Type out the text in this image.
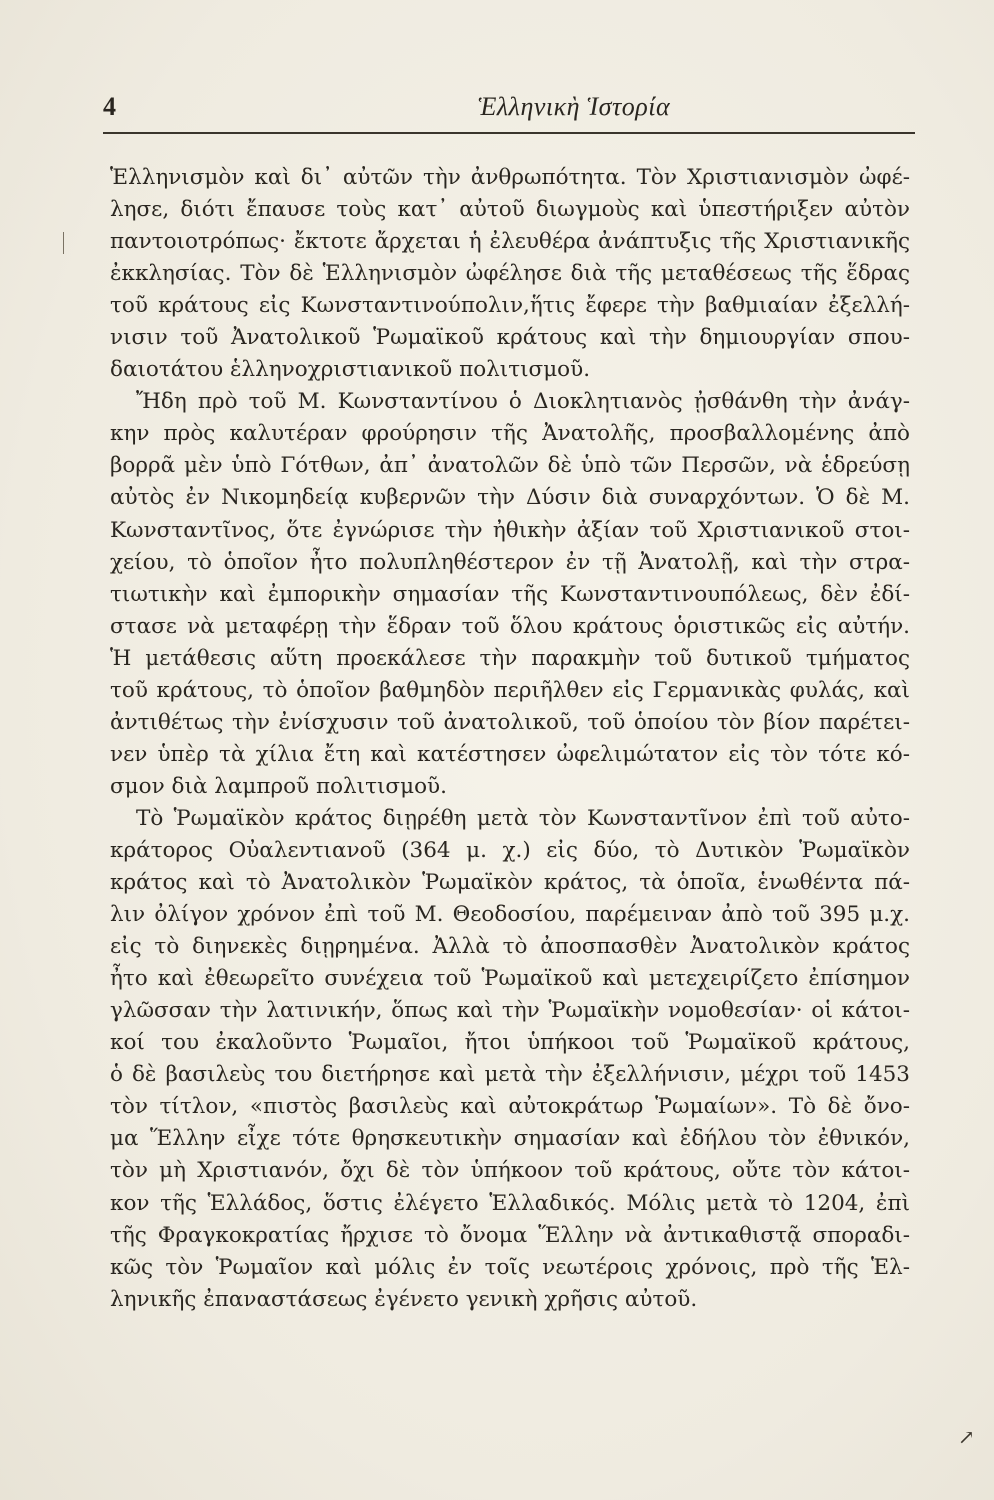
4	Ἑλληνικὴ Ἱστορία
Ἑλληνισμὸν καὶ δι᾿ αὐτῶν τὴν ἀνθρωπότητα. Τὸν Χριστιανισμὸν ὠφέ-
λησε, διότι ἔπαυσε τοὺς κατ᾿ αὐτοῦ διωγμοὺς καὶ ὑπεστήριξεν αὐτὸν
παντοιοτρόπως· ἔκτοτε ἄρχεται ἡ ἐλευθέρα ἀνάπτυξις τῆς Χριστιανικῆς
ἐκκλησίας. Τὸν δὲ Ἑλληνισμὸν ὠφέλησε διὰ τῆς μεταθέσεως τῆς ἕδρας
τοῦ κράτους εἰς Κωνσταντινούπολιν,ἥτις ἔφερε τὴν βαθμιαίαν ἐξελλή-
νισιν τοῦ Ἀνατολικοῦ Ῥωμαϊκοῦ κράτους καὶ τὴν δημιουργίαν σπου-
δαιοτάτου ἑλληνοχριστιανικοῦ πολιτισμοῦ.
Ἤδη πρὸ τοῦ Μ. Κωνσταντίνου ὁ Διοκλητιανὸς ᾐσθάνθη τὴν ἀνάγ-
κην πρὸς καλυτέραν φρούρησιν τῆς Ἀνατολῆς, προσβαλλομένης ἀπὸ
βορρᾶ μὲν ὑπὸ Γότθων, ἀπ᾿ ἀνατολῶν δὲ ὑπὸ τῶν Περσῶν, νὰ ἑδρεύσῃ
αὐτὸς ἐν Νικομηδείᾳ κυβερνῶν τὴν Δύσιν διὰ συναρχόντων. Ὁ δὲ Μ.
Κωνσταντῖνος, ὅτε ἐγνώρισε τὴν ἠθικὴν ἀξίαν τοῦ Χριστιανικοῦ στοι-
χείου, τὸ ὁποῖον ἦτο πολυπληθέστερον ἐν τῇ Ἀνατολῇ, καὶ τὴν στρα-
τιωτικὴν καὶ ἐμπορικὴν σημασίαν τῆς Κωνσταντινουπόλεως, δὲν ἐδί-
στασε νὰ μεταφέρῃ τὴν ἕδραν τοῦ ὅλου κράτους ὁριστικῶς εἰς αὐτήν.
Ἡ μετάθεσις αὕτη προεκάλεσε τὴν παρακμὴν τοῦ δυτικοῦ τμήματος
τοῦ κράτους, τὸ ὁποῖον βαθμηδὸν περιῆλθεν εἰς Γερμανικὰς φυλάς, καὶ
ἀντιθέτως τὴν ἐνίσχυσιν τοῦ ἀνατολικοῦ, τοῦ ὁποίου τὸν βίον παρέτει-
νεν ὑπὲρ τὰ χίλια ἔτη καὶ κατέστησεν ὠφελιμώτατον εἰς τὸν τότε κό-
σμον διὰ λαμπροῦ πολιτισμοῦ.
Τὸ Ῥωμαϊκὸν κράτος διῃρέθη μετὰ τὸν Κωνσταντῖνον ἐπὶ τοῦ αὐτο-
κράτορος Οὐαλεντιανοῦ (364 μ. χ.) εἰς δύο, τὸ Δυτικὸν Ῥωμαϊκὸν
κράτος καὶ τὸ Ἀνατολικὸν Ῥωμαϊκὸν κράτος, τὰ ὁποῖα, ἑνωθέντα πά-
λιν ὀλίγον χρόνον ἐπὶ τοῦ Μ. Θεοδοσίου, παρέμειναν ἀπὸ τοῦ 395 μ.χ.
εἰς τὸ διηνεκὲς διῃρημένα. Ἀλλὰ τὸ ἀποσπασθὲν Ἀνατολικὸν κράτος
ἦτο καὶ ἐθεωρεῖτο συνέχεια τοῦ Ῥωμαϊκοῦ καὶ μετεχειρίζετο ἐπίσημον
γλῶσσαν τὴν λατινικήν, ὅπως καὶ τὴν Ῥωμαϊκὴν νομοθεσίαν· οἱ κάτοι-
κοί του ἐκαλοῦντο Ῥωμαῖοι, ἤτοι ὑπήκοοι τοῦ Ῥωμαϊκοῦ κράτους,
ὁ δὲ βασιλεὺς του διετήρησε καὶ μετὰ τὴν ἐξελλήνισιν, μέχρι τοῦ 1453
τὸν τίτλον, «πιστὸς βασιλεὺς καὶ αὐτοκράτωρ Ῥωμαίων». Τὸ δὲ ὄνο-
μα Ἕλλην εἶχε τότε θρησκευτικὴν σημασίαν καὶ ἐδήλου τὸν ἐθνικόν,
τὸν μὴ Χριστιανόν, ὄχι δὲ τὸν ὑπήκοον τοῦ κράτους, οὔτε τὸν κάτοι-
κον τῆς Ἑλλάδος, ὅστις ἐλέγετο Ἑλλαδικός. Μόλις μετὰ τὸ 1204, ἐπὶ
τῆς Φραγκοκρατίας ἤρχισε τὸ ὄνομα Ἕλλην νὰ ἀντικαθιστᾷ σποραδι-
κῶς τὸν Ῥωμαῖον καὶ μόλις ἐν τοῖς νεωτέροις χρόνοις, πρὸ τῆς Ἑλ-
ληνικῆς ἐπαναστάσεως ἐγένετο γενικὴ χρῆσις αὐτοῦ.
↗
